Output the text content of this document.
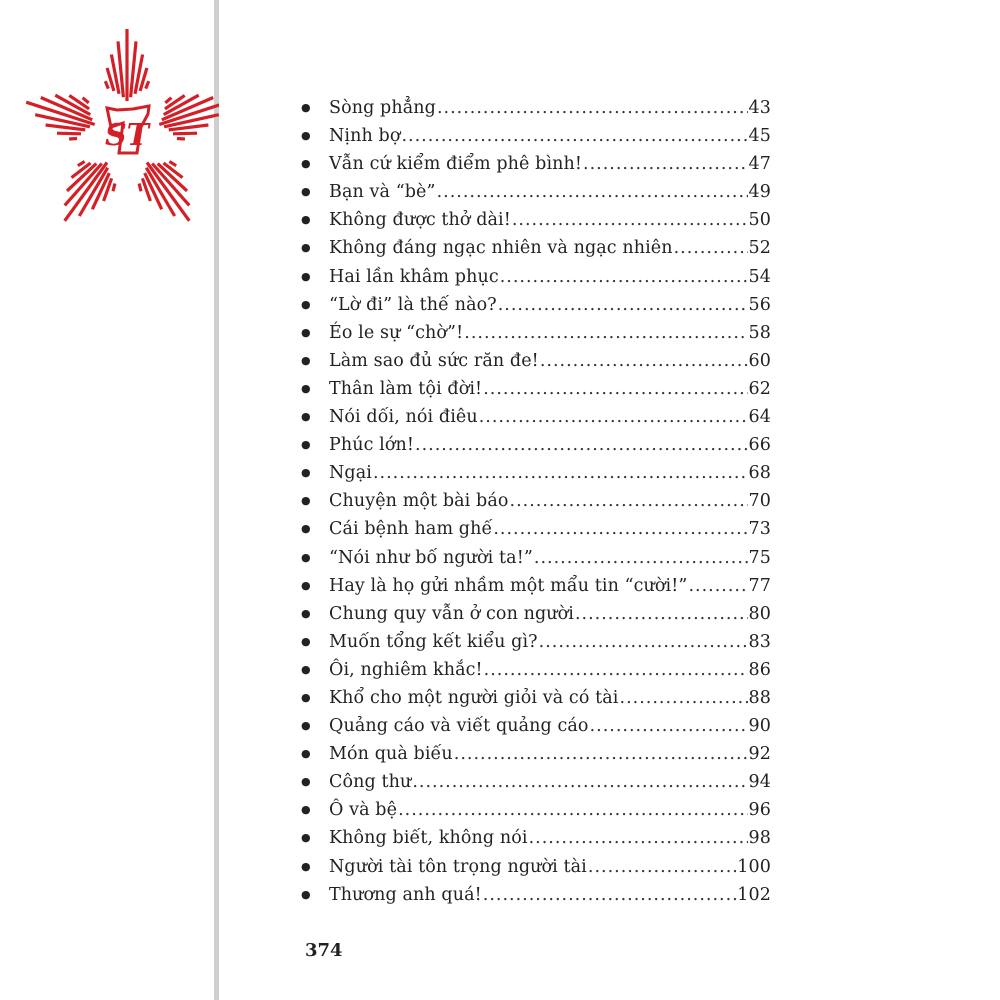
ST
●	Sòng phẳng .....	43
●	Nịnh bợ .....	45
●	Vẫn cứ kiểm điểm phê bình! .....	47
●	Bạn và “bè” .....	49
●	Không được thở dài! .....	50
●	Không đáng ngạc nhiên và ngạc nhiên .....	52
●	Hai lần khâm phục .....	54
●	“Lờ đi” là thế nào? .....	56
●	Éo le sự “chờ”! .....	58
●	Làm sao đủ sức răn đe! .....	60
●	Thân làm tội đời! .....	62
●	Nói dối, nói điêu .....	64
●	Phúc lớn! .....	66
●	Ngại .....	68
●	Chuyện một bài báo .....	70
●	Cái bệnh ham ghế .....	73
●	“Nói như bố người ta!” .....	75
●	Hay là họ gửi nhầm một mẩu tin “cười!” .....	77
●	Chung quy vẫn ở con người .....	80
●	Muốn tổng kết kiểu gì? .....	83
●	Ôi, nghiêm khắc! .....	86
●	Khổ cho một người giỏi và có tài .....	88
●	Quảng cáo và viết quảng cáo .....	90
●	Món quà biếu .....	92
●	Công thư .....	94
●	Ô và bệ .....	96
●	Không biết, không nói .....	98
●	Người tài tôn trọng người tài .....	100
●	Thương anh quá! .....	102
374
